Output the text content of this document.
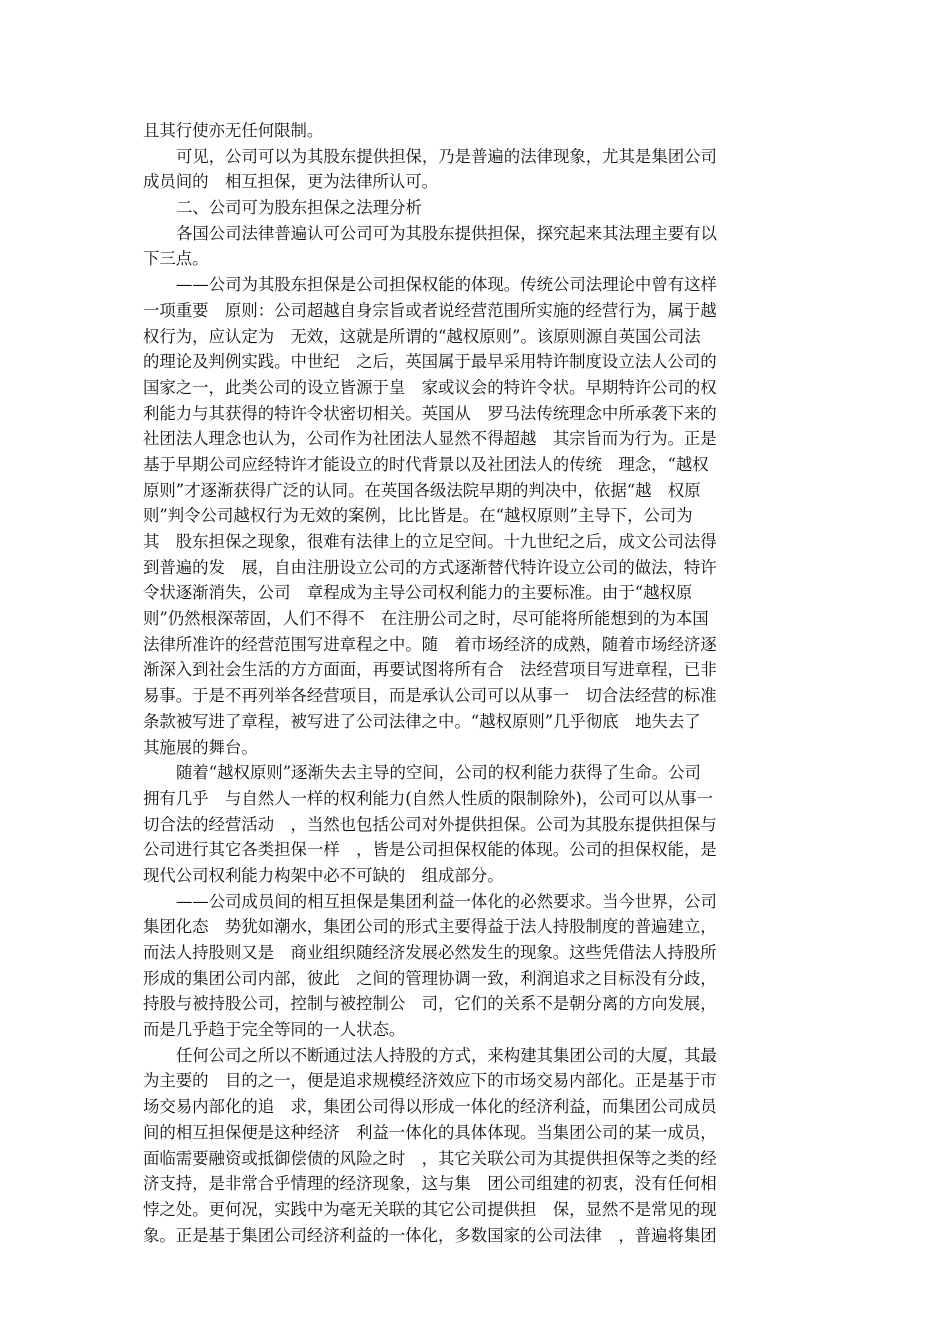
且其行使亦无任何限制。
可见，公司可以为其股东提供担保，乃是普遍的法律现象，尤其是集团公司
成员间的　相互担保，更为法律所认可。
二、公司可为股东担保之法理分析
各国公司法律普遍认可公司可为其股东提供担保，探究起来其法理主要有以
下三点。
——公司为其股东担保是公司担保权能的体现。传统公司法理论中曾有这样
一项重要　原则：公司超越自身宗旨或者说经营范围所实施的经营行为，属于越
权行为，应认定为　无效，这就是所谓的“越权原则”。该原则源自英国公司法
的理论及判例实践。中世纪　之后，英国属于最早采用特许制度设立法人公司的
国家之一，此类公司的设立皆源于皇　家或议会的特许令状。早期特许公司的权
利能力与其获得的特许令状密切相关。英国从　罗马法传统理念中所承袭下来的
社团法人理念也认为，公司作为社团法人显然不得超越　其宗旨而为行为。正是
基于早期公司应经特许才能设立的时代背景以及社团法人的传统　理念，“越权
原则”才逐渐获得广泛的认同。在英国各级法院早期的判决中，依据“越　权原
则”判令公司越权行为无效的案例，比比皆是。在“越权原则”主导下，公司为
其　股东担保之现象，很难有法律上的立足空间。十九世纪之后，成文公司法得
到普遍的发　展，自由注册设立公司的方式逐渐替代特许设立公司的做法，特许
令状逐渐消失，公司　章程成为主导公司权利能力的主要标准。由于“越权原
则”仍然根深蒂固，人们不得不　在注册公司之时，尽可能将所能想到的为本国
法律所准许的经营范围写进章程之中。随　着市场经济的成熟，随着市场经济逐
渐深入到社会生活的方方面面，再要试图将所有合　法经营项目写进章程，已非
易事。于是不再列举各经营项目，而是承认公司可以从事一　切合法经营的标准
条款被写进了章程，被写进了公司法律之中。“越权原则”几乎彻底　地失去了
其施展的舞台。
随着“越权原则”逐渐失去主导的空间，公司的权利能力获得了生命。公司
拥有几乎　与自然人一样的权利能力(自然人性质的限制除外)，公司可以从事一
切合法的经营活动　，当然也包括公司对外提供担保。公司为其股东提供担保与
公司进行其它各类担保一样　，皆是公司担保权能的体现。公司的担保权能，是
现代公司权利能力构架中必不可缺的　组成部分。
——公司成员间的相互担保是集团利益一体化的必然要求。当今世界，公司
集团化态　势犹如潮水，集团公司的形式主要得益于法人持股制度的普遍建立，
而法人持股则又是　商业组织随经济发展必然发生的现象。这些凭借法人持股所
形成的集团公司内部，彼此　之间的管理协调一致，利润追求之目标没有分歧，
持股与被持股公司，控制与被控制公　司，它们的关系不是朝分离的方向发展，
而是几乎趋于完全等同的一人状态。
任何公司之所以不断通过法人持股的方式，来构建其集团公司的大厦，其最
为主要的　目的之一，便是追求规模经济效应下的市场交易内部化。正是基于市
场交易内部化的追　求，集团公司得以形成一体化的经济利益，而集团公司成员
间的相互担保便是这种经济　利益一体化的具体体现。当集团公司的某一成员，
面临需要融资或抵御偿债的风险之时　，其它关联公司为其提供担保等之类的经
济支持，是非常合乎情理的经济现象，这与集　团公司组建的初衷，没有任何相
悖之处。更何况，实践中为毫无关联的其它公司提供担　保，显然不是常见的现
象。正是基于集团公司经济利益的一体化，多数国家的公司法律　，普遍将集团
